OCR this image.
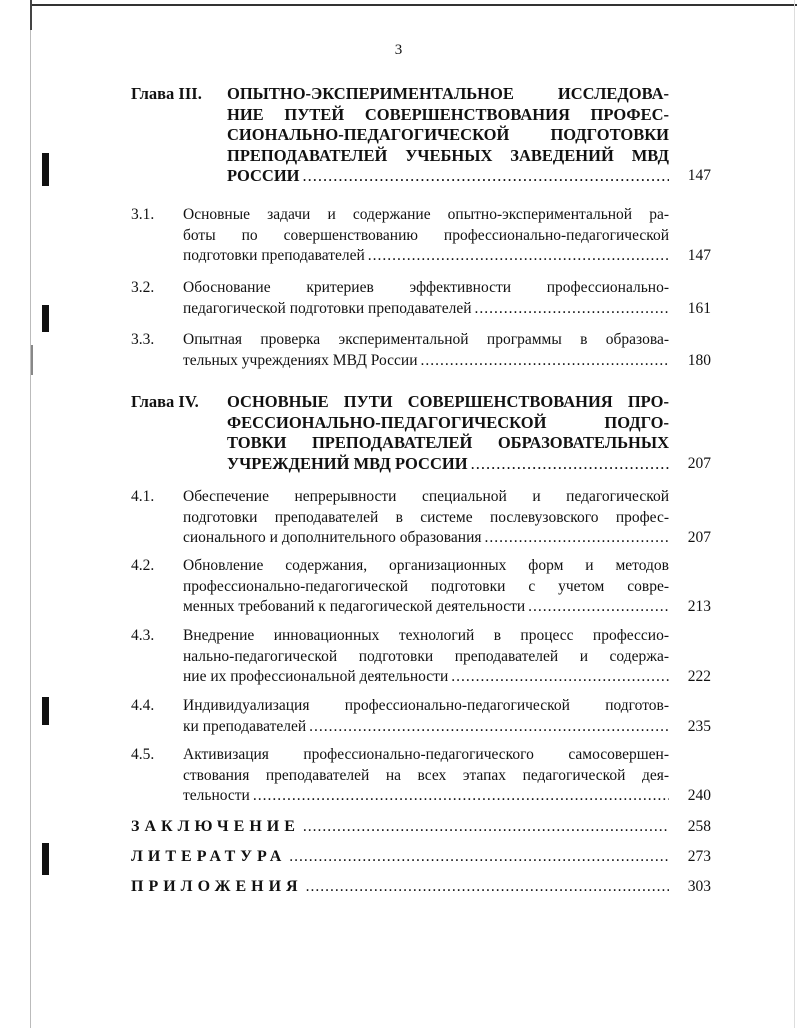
3
Глава III. ОПЫТНО-ЭКСПЕРИМЕНТАЛЬНОЕ ИССЛЕДОВА-
НИЕ ПУТЕЙ СОВЕРШЕНСТВОВАНИЯ ПРОФЕС-
СИОНАЛЬНО-ПЕДАГОГИЧЕСКОЙ ПОДГОТОВКИ
ПРЕПОДАВАТЕЛЕЙ УЧЕБНЫХ ЗАВЕДЕНИЙ МВД
РОССИИ .....	147
3.1. Основные задачи и содержание опытно-экспериментальной ра-
боты по совершенствованию профессионально-педагогической
подготовки преподавателей .....	147
3.2. Обоснование критериев эффективности профессионально-
педагогической подготовки преподавателей .....	161
3.3. Опытная проверка экспериментальной программы в образова-
тельных учреждениях МВД России .....	180
Глава IV. ОСНОВНЫЕ ПУТИ СОВЕРШЕНСТВОВАНИЯ ПРО-
ФЕССИОНАЛЬНО-ПЕДАГОГИЧЕСКОЙ ПОДГО-
ТОВКИ ПРЕПОДАВАТЕЛЕЙ ОБРАЗОВАТЕЛЬНЫХ
УЧРЕЖДЕНИЙ МВД РОССИИ .....	207
4.1. Обеспечение непрерывности специальной и педагогической
подготовки преподавателей в системе послевузовского профес-
сионального и дополнительного образования .....	207
4.2. Обновление содержания, организационных форм и методов
профессионально-педагогической подготовки с учетом совре-
менных требований к педагогической деятельности .....	213
4.3. Внедрение инновационных технологий в процесс профессио-
нально-педагогической подготовки преподавателей и содержа-
ние их профессиональной деятельности .....	222
4.4. Индивидуализация профессионально-педагогической подготов-
ки преподавателей .....	235
4.5. Активизация профессионально-педагогического самосовершен-
ствования преподавателей на всех этапах педагогической дея-
тельности .....	240
ЗАКЛЮЧЕНИЕ .....	258
ЛИТЕРАТУРА .....	273
ПРИЛОЖЕНИЯ .....	303
